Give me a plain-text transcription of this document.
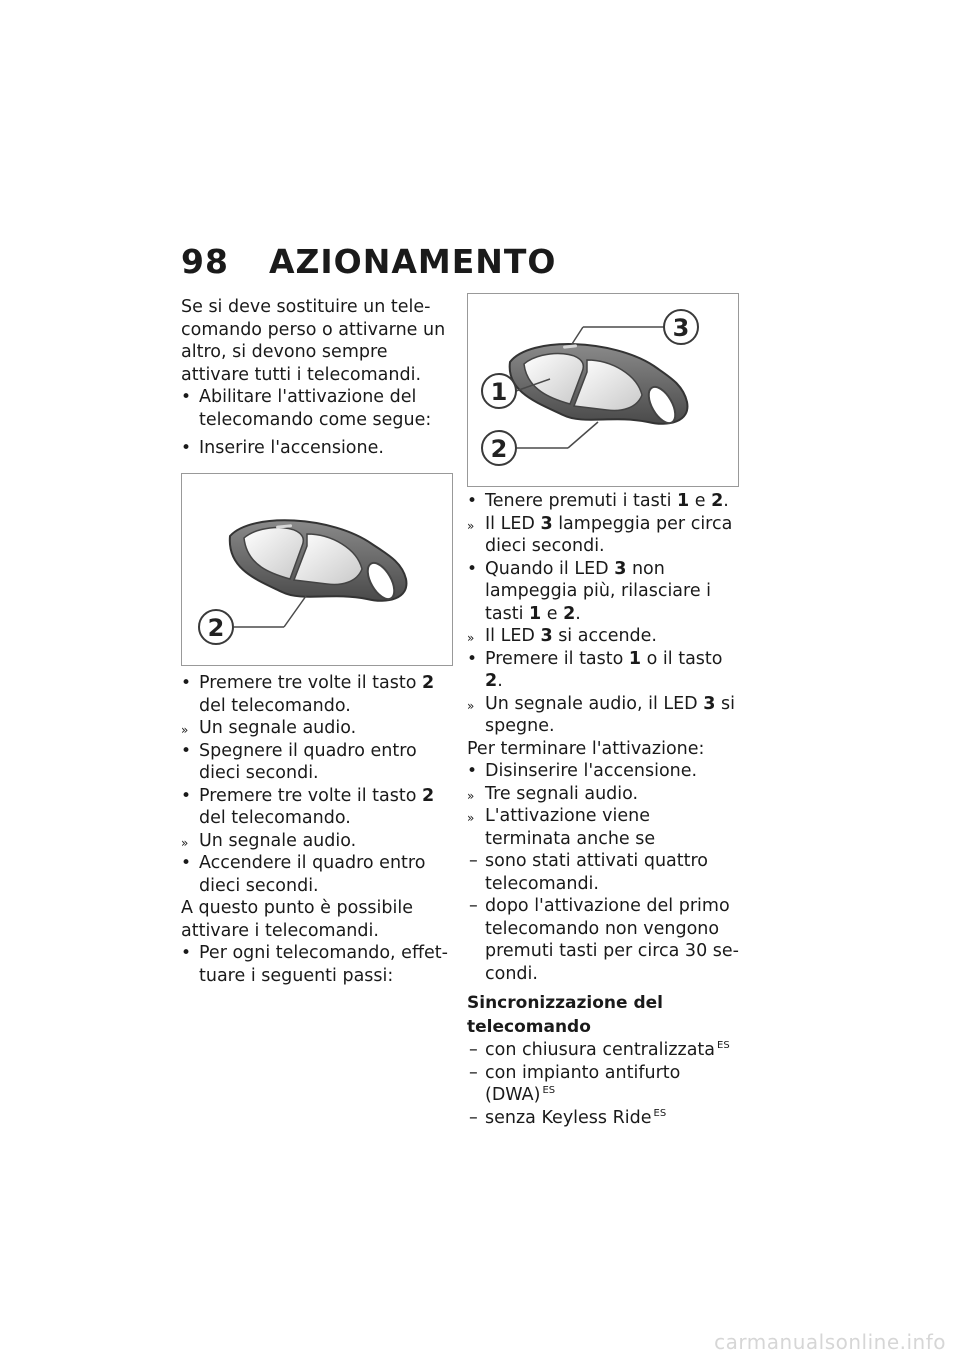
98 AZIONAMENTO

Se si deve sostituire un telecomando perso o attivarne un altro, si devono sempre attivare tutti i telecomandi.

• Abilitare l'attivazione del telecomando come segue:

• Inserire l'accensione.

2

• Premere tre volte il tasto 2 del telecomando.

» Un segnale audio.

• Spegnere il quadro entro dieci secondi.

• Premere tre volte il tasto 2 del telecomando.

» Un segnale audio.

• Accendere il quadro entro dieci secondi.

A questo punto è possibile attivare i telecomandi.

• Per ogni telecomando, effettuare i seguenti passi:

3
1
2

• Tenere premuti i tasti 1 e 2.

» Il LED 3 lampeggia per circa dieci secondi.

• Quando il LED 3 non lampeggia più, rilasciare i tasti 1 e 2.

» Il LED 3 si accende.

• Premere il tasto 1 o il tasto 2.

» Un segnale audio, il LED 3 si spegne.

Per terminare l'attivazione:

• Disinserire l'accensione.

» Tre segnali audio.

» L'attivazione viene terminata anche se

– sono stati attivati quattro telecomandi.

– dopo l'attivazione del primo telecomando non vengono premuti tasti per circa 30 secondi.

Sincronizzazione del telecomando

– con chiusura centralizzata $^{ES}$

– con impianto antifurto (DWA) $^{ES}$

– senza Keyless Ride $^{ES}$

carmanualsonline.info
